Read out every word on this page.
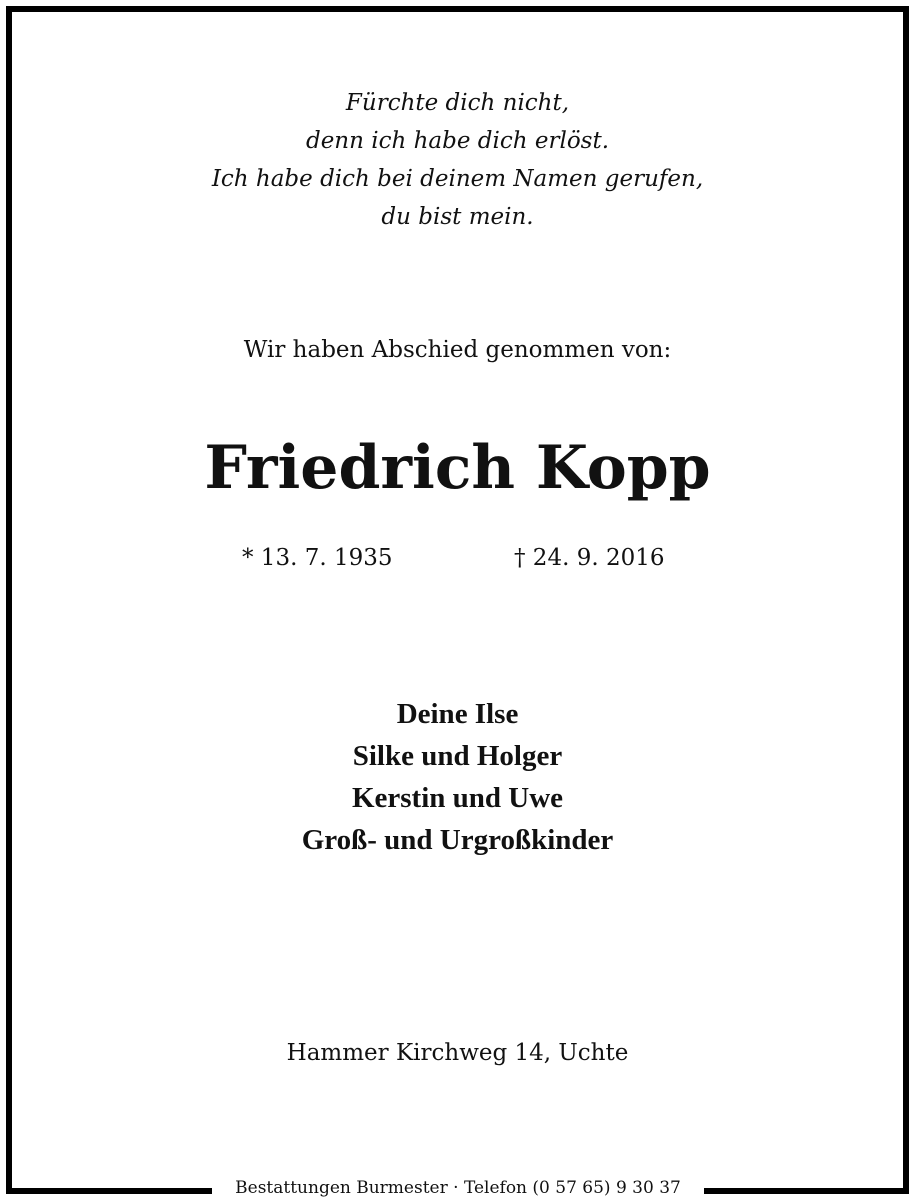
Fürchte dich nicht,
denn ich habe dich erlöst.
Ich habe dich bei deinem Namen gerufen,
du bist mein.
Wir haben Abschied genommen von:
Friedrich Kopp
* 13. 7. 1935	† 24. 9. 2016
Deine Ilse
Silke und Holger
Kerstin und Uwe
Groß- und Urgroßkinder
Hammer Kirchweg 14, Uchte
Bestattungen Burmester · Telefon (0 57 65) 9 30 37
